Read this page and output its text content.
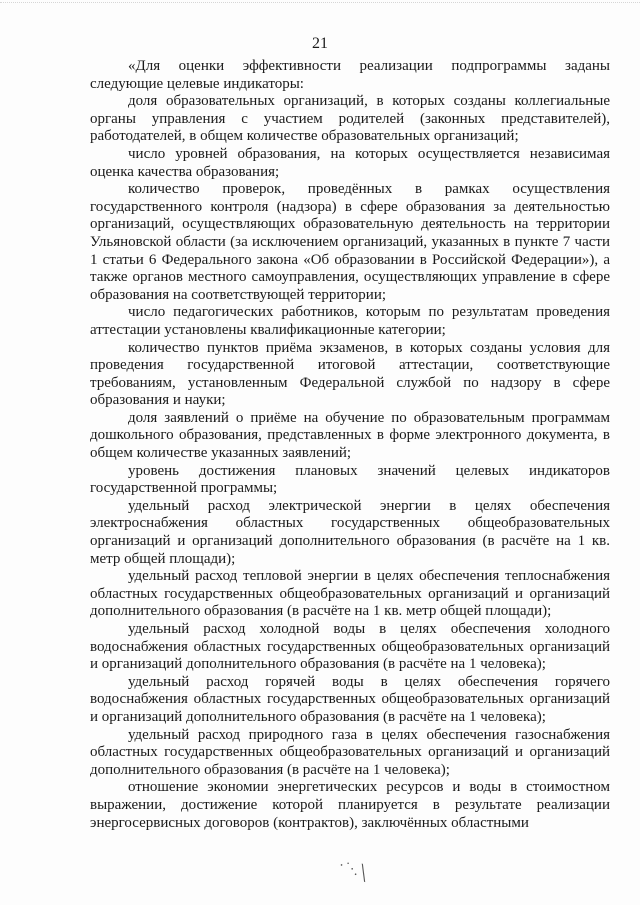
21

«Для оценки эффективности реализации подпрограммы заданы следующие целевые индикаторы:

доля образовательных организаций, в которых созданы коллегиальные органы управления с участием родителей (законных представителей), работодателей, в общем количестве образовательных организаций;

число уровней образования, на которых осуществляется независимая оценка качества образования;

количество проверок, проведённых в рамках осуществления государственного контроля (надзора) в сфере образования за деятельностью организаций, осуществляющих образовательную деятельность на территории Ульяновской области (за исключением организаций, указанных в пункте 7 части 1 статьи 6 Федерального закона «Об образовании в Российской Федерации»), а также органов местного самоуправления, осуществляющих управление в сфере образования на соответствующей территории;

число педагогических работников, которым по результатам проведения аттестации установлены квалификационные категории;

количество пунктов приёма экзаменов, в которых созданы условия для проведения государственной итоговой аттестации, соответствующие требованиям, установленным Федеральной службой по надзору в сфере образования и науки;

доля заявлений о приёме на обучение по образовательным программам дошкольного образования, представленных в форме электронного документа, в общем количестве указанных заявлений;

уровень достижения плановых значений целевых индикаторов государственной программы;

удельный расход электрической энергии в целях обеспечения электроснабжения областных государственных общеобразовательных организаций и организаций дополнительного образования (в расчёте на 1 кв. метр общей площади);

удельный расход тепловой энергии в целях обеспечения теплоснабжения областных государственных общеобразовательных организаций и организаций дополнительного образования (в расчёте на 1 кв. метр общей площади);

удельный расход холодной воды в целях обеспечения холодного водоснабжения областных государственных общеобразовательных организаций и организаций дополнительного образования (в расчёте на 1 человека);

удельный расход горячей воды в целях обеспечения горячего водоснабжения областных государственных общеобразовательных организаций и организаций дополнительного образования (в расчёте на 1 человека);

удельный расход природного газа в целях обеспечения газоснабжения областных государственных общеобразовательных организаций и организаций дополнительного образования (в расчёте на 1 человека);

отношение экономии энергетических ресурсов и воды в стоимостном выражении, достижение которой планируется в результате реализации энергосервисных договоров (контрактов), заключённых областными

·˙·.╲
